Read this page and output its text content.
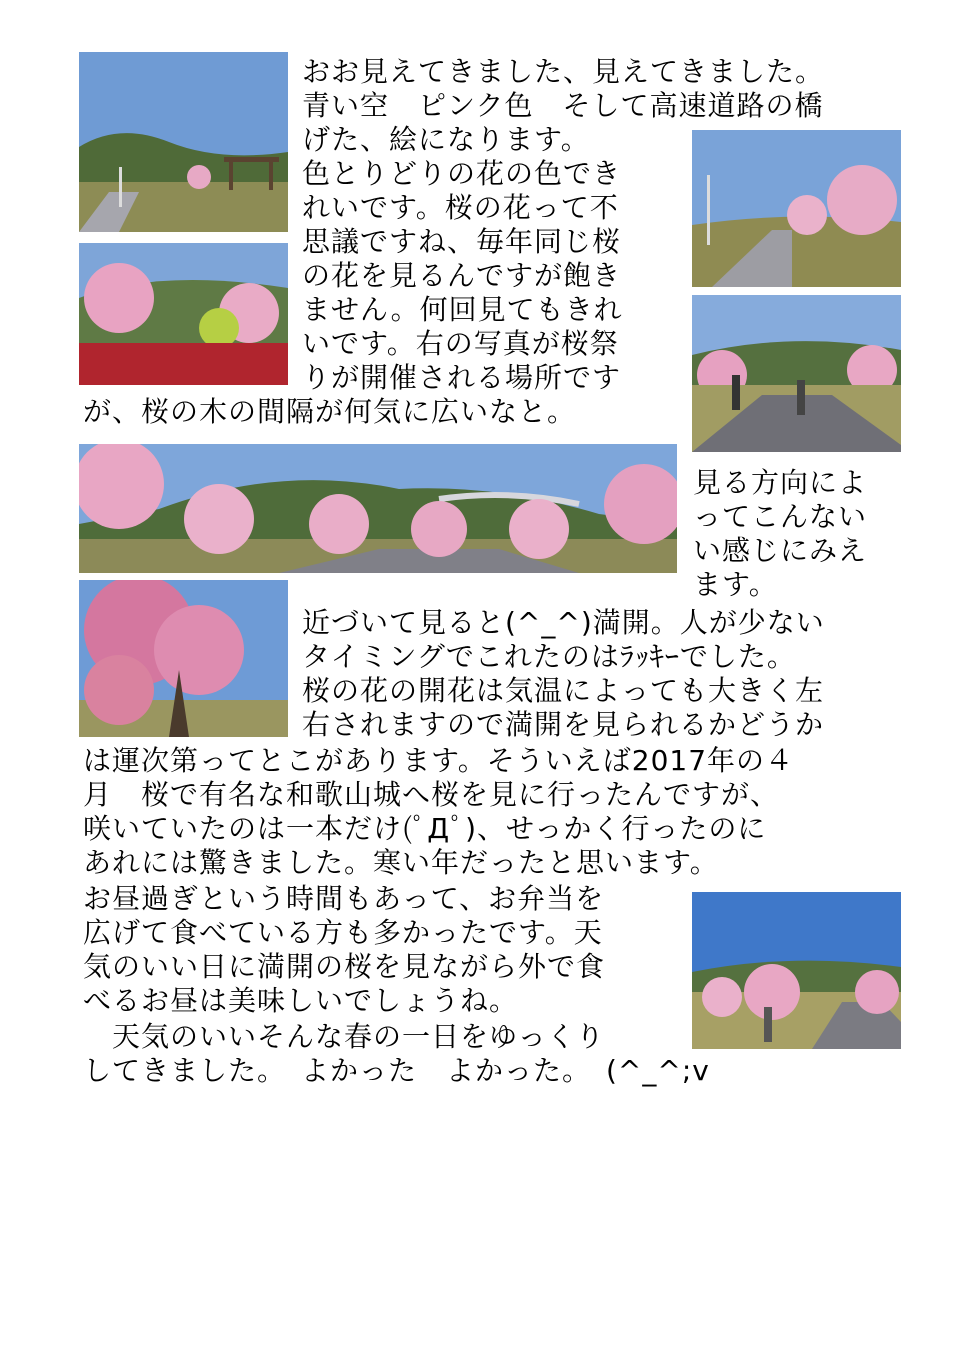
おお見えてきました、見えてきました。
青い空　ピンク色　そして高速道路の橋
げた、絵になります。
色とりどりの花の色でき
れいです。桜の花って不
思議ですね、毎年同じ桜
の花を見るんですが飽き
ません。何回見てもきれ
いです。右の写真が桜祭
りが開催される場所です
が、桜の木の間隔が何気に広いなと。
見る方向によ
ってこんない
い感じにみえ
ます。
近づいて見ると(^_^)満開。人が少ない
タイミングでこれたのはﾗｯｷｰでした。
桜の花の開花は気温によっても大きく左
右されますので満開を見られるかどうか
は運次第ってとこがあります。そういえば2017年の４
月　桜で有名な和歌山城へ桜を見に行ったんですが、
咲いていたのは一本だけ(ﾟДﾟ)、せっかく行ったのに
あれには驚きました。寒い年だったと思います。
お昼過ぎという時間もあって、お弁当を
広げて食べている方も多かったです。天
気のいい日に満開の桜を見ながら外で食
べるお昼は美味しいでしょうね。
　天気のいいそんな春の一日をゆっくり
してきました。　よかった　よかった。　(^_^;v
